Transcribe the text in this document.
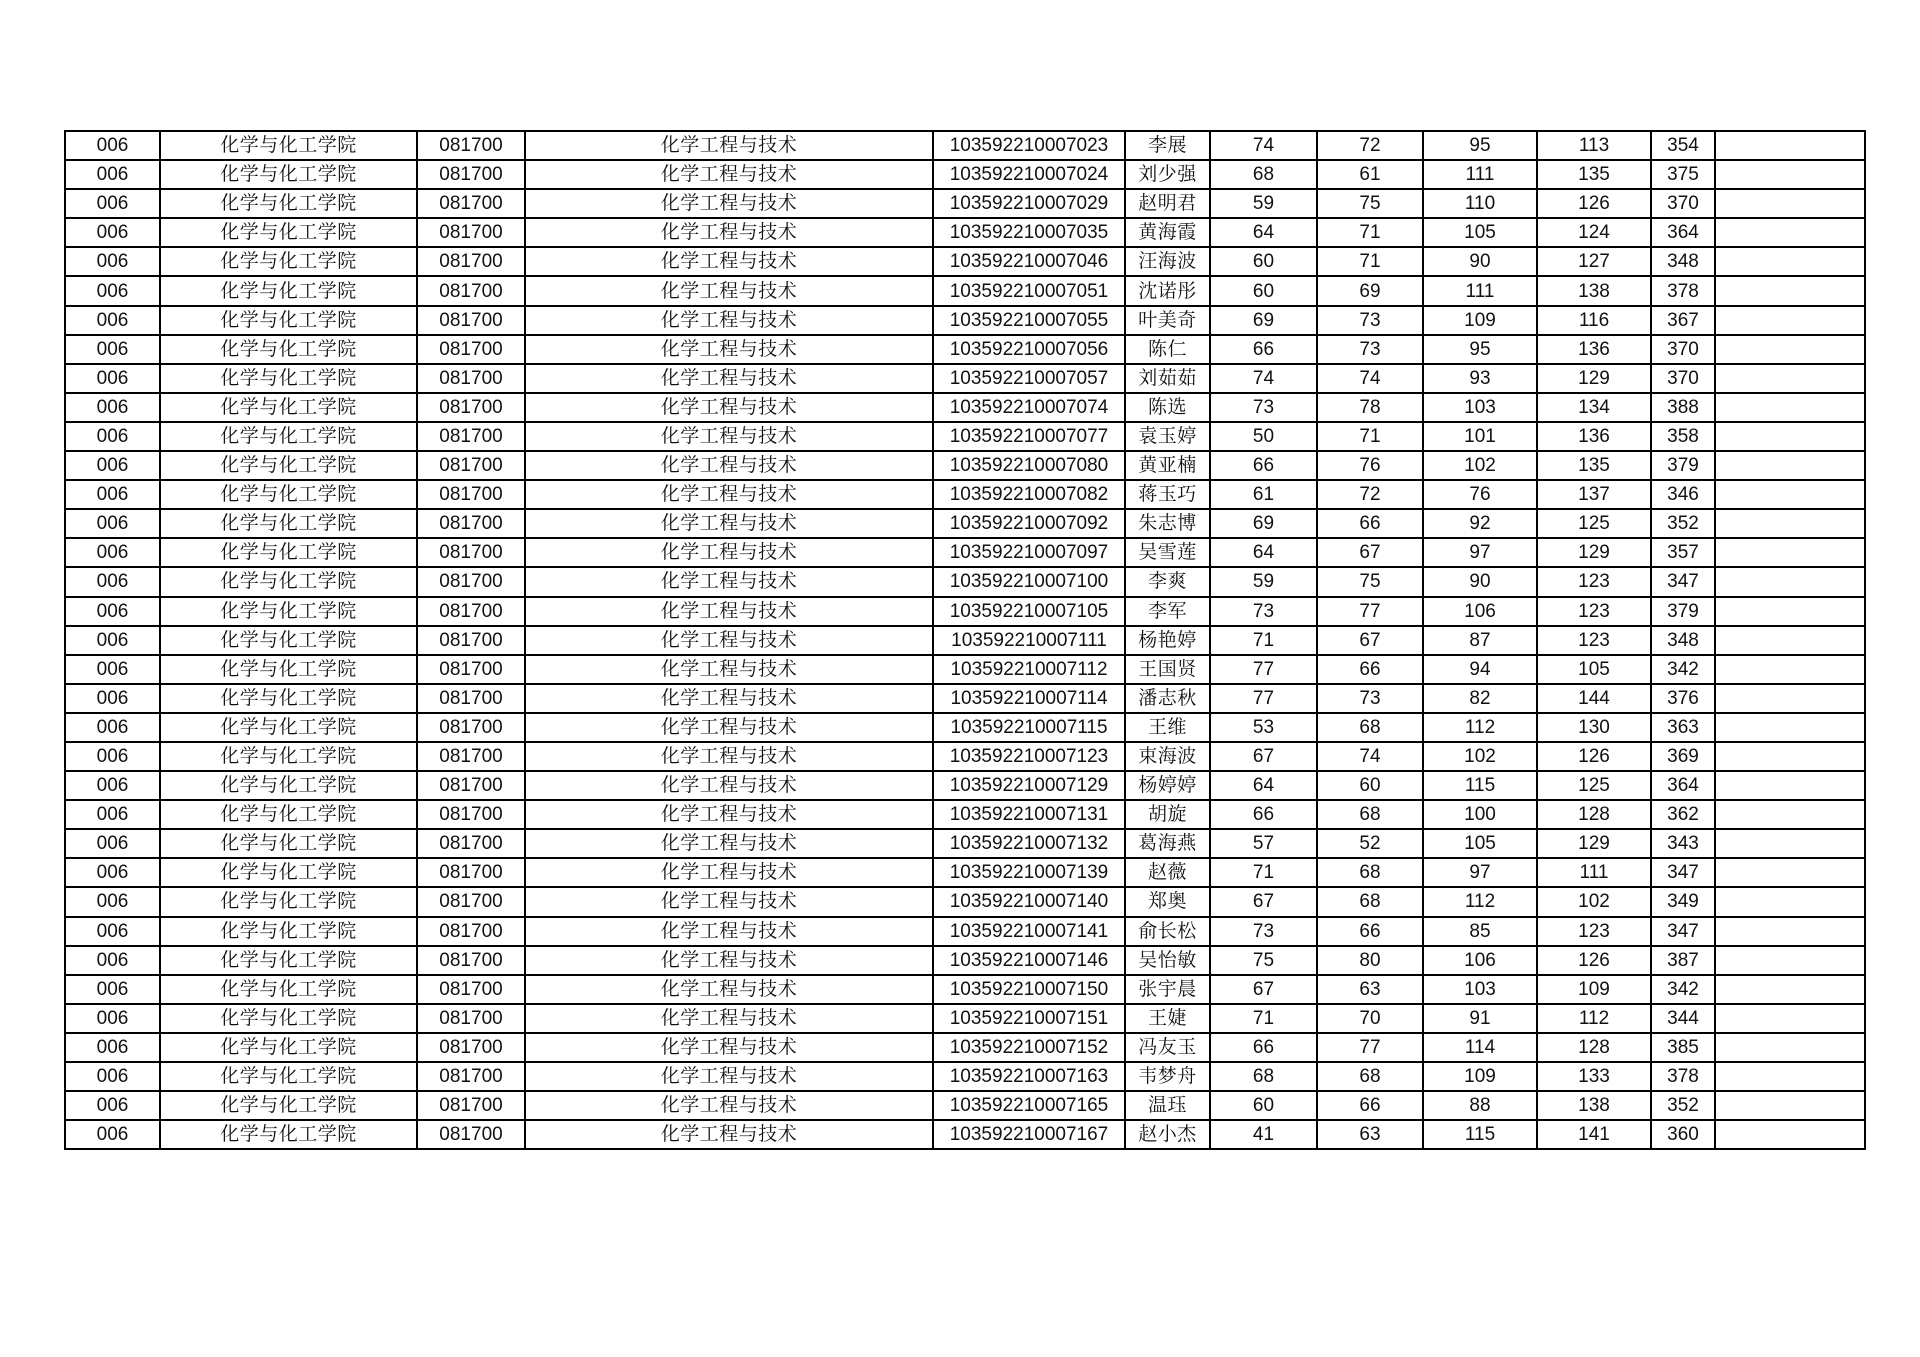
006	化学与化工学院	081700	化学工程与技术	103592210007023	李展	74	72	95	113	354	
006	化学与化工学院	081700	化学工程与技术	103592210007024	刘少强	68	61	111	135	375	
006	化学与化工学院	081700	化学工程与技术	103592210007029	赵明君	59	75	110	126	370	
006	化学与化工学院	081700	化学工程与技术	103592210007035	黄海霞	64	71	105	124	364	
006	化学与化工学院	081700	化学工程与技术	103592210007046	汪海波	60	71	90	127	348	
006	化学与化工学院	081700	化学工程与技术	103592210007051	沈诺彤	60	69	111	138	378	
006	化学与化工学院	081700	化学工程与技术	103592210007055	叶美奇	69	73	109	116	367	
006	化学与化工学院	081700	化学工程与技术	103592210007056	陈仁	66	73	95	136	370	
006	化学与化工学院	081700	化学工程与技术	103592210007057	刘茹茹	74	74	93	129	370	
006	化学与化工学院	081700	化学工程与技术	103592210007074	陈选	73	78	103	134	388	
006	化学与化工学院	081700	化学工程与技术	103592210007077	袁玉婷	50	71	101	136	358	
006	化学与化工学院	081700	化学工程与技术	103592210007080	黄亚楠	66	76	102	135	379	
006	化学与化工学院	081700	化学工程与技术	103592210007082	蒋玉巧	61	72	76	137	346	
006	化学与化工学院	081700	化学工程与技术	103592210007092	朱志博	69	66	92	125	352	
006	化学与化工学院	081700	化学工程与技术	103592210007097	吴雪莲	64	67	97	129	357	
006	化学与化工学院	081700	化学工程与技术	103592210007100	李爽	59	75	90	123	347	
006	化学与化工学院	081700	化学工程与技术	103592210007105	李军	73	77	106	123	379	
006	化学与化工学院	081700	化学工程与技术	103592210007111	杨艳婷	71	67	87	123	348	
006	化学与化工学院	081700	化学工程与技术	103592210007112	王国贤	77	66	94	105	342	
006	化学与化工学院	081700	化学工程与技术	103592210007114	潘志秋	77	73	82	144	376	
006	化学与化工学院	081700	化学工程与技术	103592210007115	王维	53	68	112	130	363	
006	化学与化工学院	081700	化学工程与技术	103592210007123	束海波	67	74	102	126	369	
006	化学与化工学院	081700	化学工程与技术	103592210007129	杨婷婷	64	60	115	125	364	
006	化学与化工学院	081700	化学工程与技术	103592210007131	胡旋	66	68	100	128	362	
006	化学与化工学院	081700	化学工程与技术	103592210007132	葛海燕	57	52	105	129	343	
006	化学与化工学院	081700	化学工程与技术	103592210007139	赵薇	71	68	97	111	347	
006	化学与化工学院	081700	化学工程与技术	103592210007140	郑奥	67	68	112	102	349	
006	化学与化工学院	081700	化学工程与技术	103592210007141	俞长松	73	66	85	123	347	
006	化学与化工学院	081700	化学工程与技术	103592210007146	吴怡敏	75	80	106	126	387	
006	化学与化工学院	081700	化学工程与技术	103592210007150	张宇晨	67	63	103	109	342	
006	化学与化工学院	081700	化学工程与技术	103592210007151	王婕	71	70	91	112	344	
006	化学与化工学院	081700	化学工程与技术	103592210007152	冯友玉	66	77	114	128	385	
006	化学与化工学院	081700	化学工程与技术	103592210007163	韦梦舟	68	68	109	133	378	
006	化学与化工学院	081700	化学工程与技术	103592210007165	温珏	60	66	88	138	352	
006	化学与化工学院	081700	化学工程与技术	103592210007167	赵小杰	41	63	115	141	360	
